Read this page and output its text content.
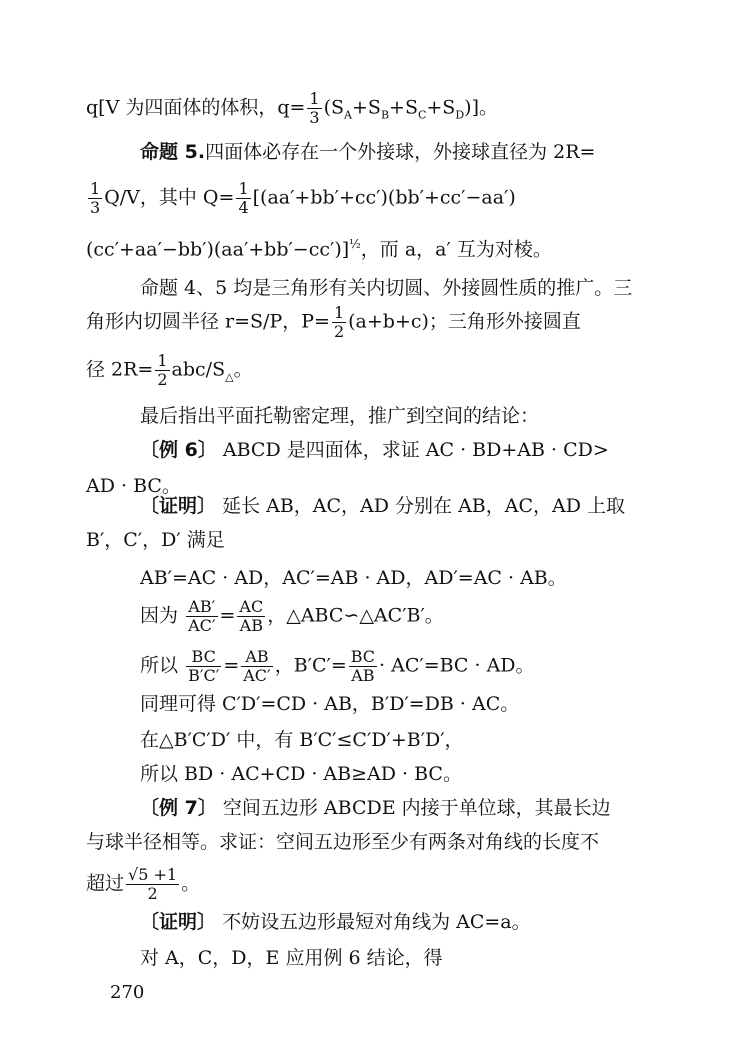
q[V 为四面体的体积，$q= \frac{1}{3} (S_A+S_B+S_C+S_D)$]。
命题 5.四面体必存在一个外接球，外接球直径为 2R=
$\frac{1}{3} Q/V$，其中 $Q= \frac{1}{4} [(aa'+bb'+cc')(bb'+cc'-aa')$
(cc′+aa′−bb′)(aa′+bb′−cc′)]$^{\frac{1}{2}}$，而 a，a′ 互为对棱。
命题 4、5 均是三角形有关内切圆、外接圆性质的推广。三
角形内切圆半径 r=S/P，$P= \frac{1}{2} (a+b+c)$；三角形外接圆直
径 $2R= \frac{1}{2} abc/S_\triangle$。
最后指出平面托勒密定理，推广到空间的结论：
〔例 6〕 ABCD 是四面体，求证 AC · BD+AB · CD>
AD · BC。
〔证明〕 延长 AB，AC，AD 分别在 AB，AC，AD 上取
B′，C′，D′ 满足
AB′=AC · AD，AC′=AB · AD，AD′=AC · AB。
因为 $\frac{AB'}{AC'} = \frac{AC}{AB}$ ，△ABC∽△AC′B′。
所以 $\frac{BC}{B'C'} = \frac{AB}{AC'}$ ，$B'C'= \frac{BC}{AB} \cdot AC'=BC$ · AD。
同理可得 C′D′=CD · AB，B′D′=DB · AC。
在△B′C′D′ 中，有 B′C′≤C′D′+B′D′，
所以 BD · AC+CD · AB≥AD · BC。
〔例 7〕 空间五边形 ABCDE 内接于单位球，其最长边
与球半径相等。求证：空间五边形至少有两条对角线的长度不
超过 $\frac{√5 +1}{2}$ 。
〔证明〕 不妨设五边形最短对角线为 AC=a。
对 A，C，D，E 应用例 6 结论，得
270
